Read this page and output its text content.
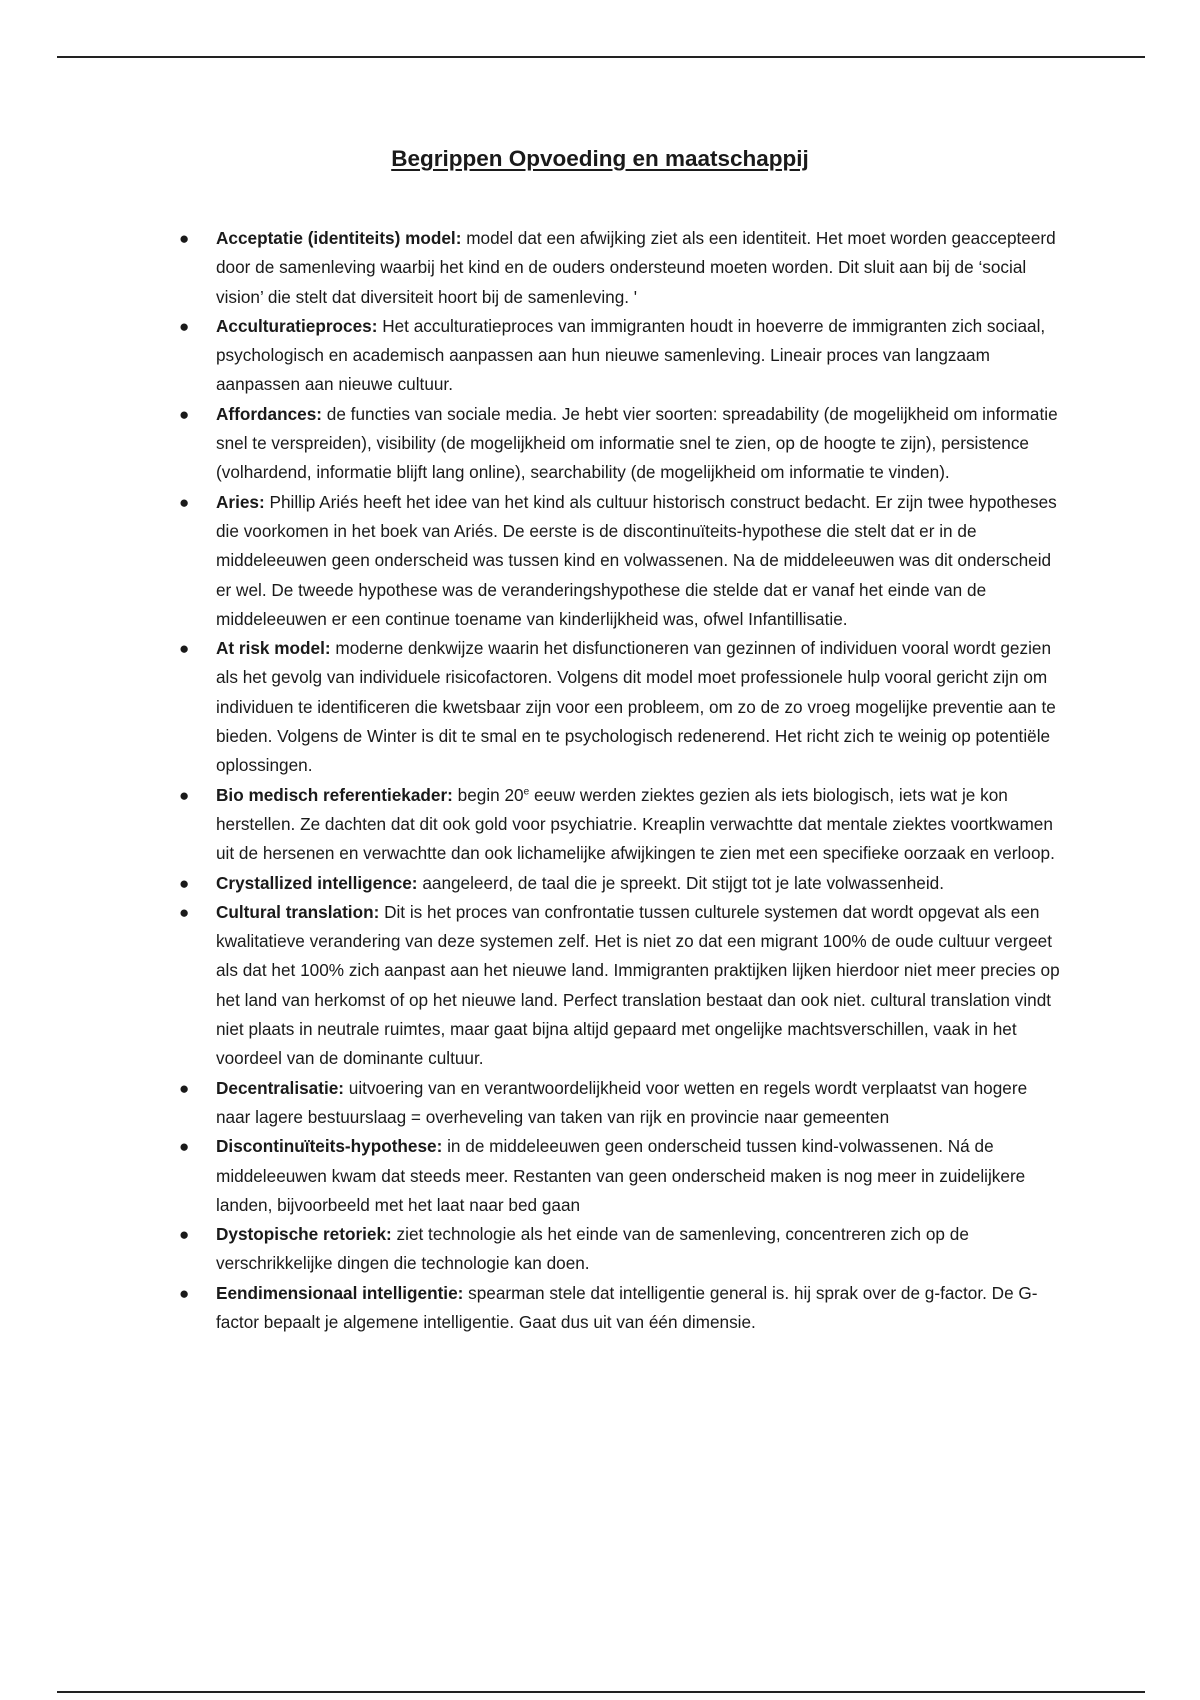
Begrippen Opvoeding en maatschappij
● Acceptatie (identiteits) model: model dat een afwijking ziet als een identiteit. Het moet worden geaccepteerd door de samenleving waarbij het kind en de ouders ondersteund moeten worden. Dit sluit aan bij de ‘social vision’ die stelt dat diversiteit hoort bij de samenleving. '
● Acculturatieproces: Het acculturatieproces van immigranten houdt in hoeverre de immigranten zich sociaal, psychologisch en academisch aanpassen aan hun nieuwe samenleving. Lineair proces van langzaam aanpassen aan nieuwe cultuur.
● Affordances: de functies van sociale media. Je hebt vier soorten: spreadability (de mogelijkheid om informatie snel te verspreiden), visibility (de mogelijkheid om informatie snel te zien, op de hoogte te zijn), persistence (volhardend, informatie blijft lang online), searchability (de mogelijkheid om informatie te vinden).
● Aries: Phillip Ariés heeft het idee van het kind als cultuur historisch construct bedacht. Er zijn twee hypotheses die voorkomen in het boek van Ariés. De eerste is de discontinuïteits-hypothese die stelt dat er in de middeleeuwen geen onderscheid was tussen kind en volwassenen. Na de middeleeuwen was dit onderscheid er wel. De tweede hypothese was de veranderingshypothese die stelde dat er vanaf het einde van de middeleeuwen er een continue toename van kinderlijkheid was, ofwel Infantillisatie.
● At risk model: moderne denkwijze waarin het disfunctioneren van gezinnen of individuen vooral wordt gezien als het gevolg van individuele risicofactoren. Volgens dit model moet professionele hulp vooral gericht zijn om individuen te identificeren die kwetsbaar zijn voor een probleem, om zo de zo vroeg mogelijke preventie aan te bieden. Volgens de Winter is dit te smal en te psychologisch redenerend. Het richt zich te weinig op potentiële oplossingen.
● Bio medisch referentiekader: begin 20e eeuw werden ziektes gezien als iets biologisch, iets wat je kon herstellen. Ze dachten dat dit ook gold voor psychiatrie. Kreaplin verwachtte dat mentale ziektes voortkwamen uit de hersenen en verwachtte dan ook lichamelijke afwijkingen te zien met een specifieke oorzaak en verloop.
● Crystallized intelligence: aangeleerd, de taal die je spreekt. Dit stijgt tot je late volwassenheid.
● Cultural translation: Dit is het proces van confrontatie tussen culturele systemen dat wordt opgevat als een kwalitatieve verandering van deze systemen zelf. Het is niet zo dat een migrant 100% de oude cultuur vergeet als dat het 100% zich aanpast aan het nieuwe land. Immigranten praktijken lijken hierdoor niet meer precies op het land van herkomst of op het nieuwe land. Perfect translation bestaat dan ook niet. cultural translation vindt niet plaats in neutrale ruimtes, maar gaat bijna altijd gepaard met ongelijke machtsverschillen, vaak in het voordeel van de dominante cultuur.
● Decentralisatie: uitvoering van en verantwoordelijkheid voor wetten en regels wordt verplaatst van hogere naar lagere bestuurslaag = overheveling van taken van rijk en provincie naar gemeenten
● Discontinuïteits-hypothese: in de middeleeuwen geen onderscheid tussen kind-volwassenen. Ná de middeleeuwen kwam dat steeds meer. Restanten van geen onderscheid maken is nog meer in zuidelijkere landen, bijvoorbeeld met het laat naar bed gaan
● Dystopische retoriek: ziet technologie als het einde van de samenleving, concentreren zich op de verschrikkelijke dingen die technologie kan doen.
● Eendimensionaal intelligentie: spearman stele dat intelligentie general is. hij sprak over de g-factor. De G-factor bepaalt je algemene intelligentie. Gaat dus uit van één dimensie.
